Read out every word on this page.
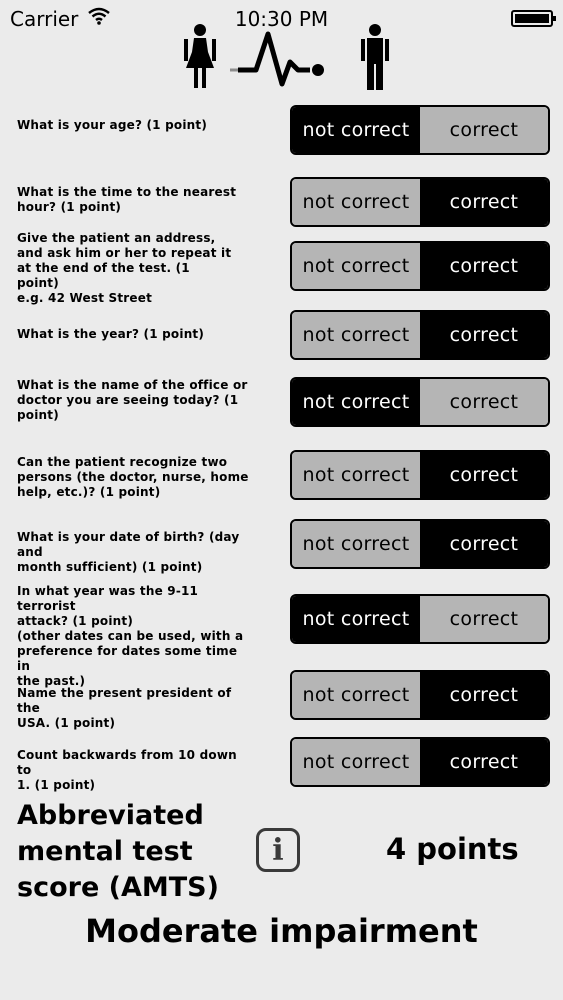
Carrier	10:30 PM
What is your age? (1 point)	not correct	correct
What is the time to the nearest
hour? (1 point)	not correct	correct
Give the patient an address,
and ask him or her to repeat it
at the end of the test. (1
point)
e.g. 42 West Street
not correct	correct
What is the year? (1 point)	not correct	correct
What is the name of the office or
doctor you are seeing today? (1
point)
not correct	correct
Can the patient recognize two
persons (the doctor, nurse, home
help, etc.)? (1 point)
not correct	correct
What is your date of birth? (day and
month sufficient) (1 point)
not correct	correct
In what year was the 9-11 terrorist
attack? (1 point)
(other dates can be used, with a
preference for dates some time in
the past.)
not correct	correct
Name the present president of the
USA. (1 point)
not correct	correct
Count backwards from 10 down to
1. (1 point)
not correct	correct
Abbreviated
mental test
score (AMTS)
i	4 points
Moderate impairment
